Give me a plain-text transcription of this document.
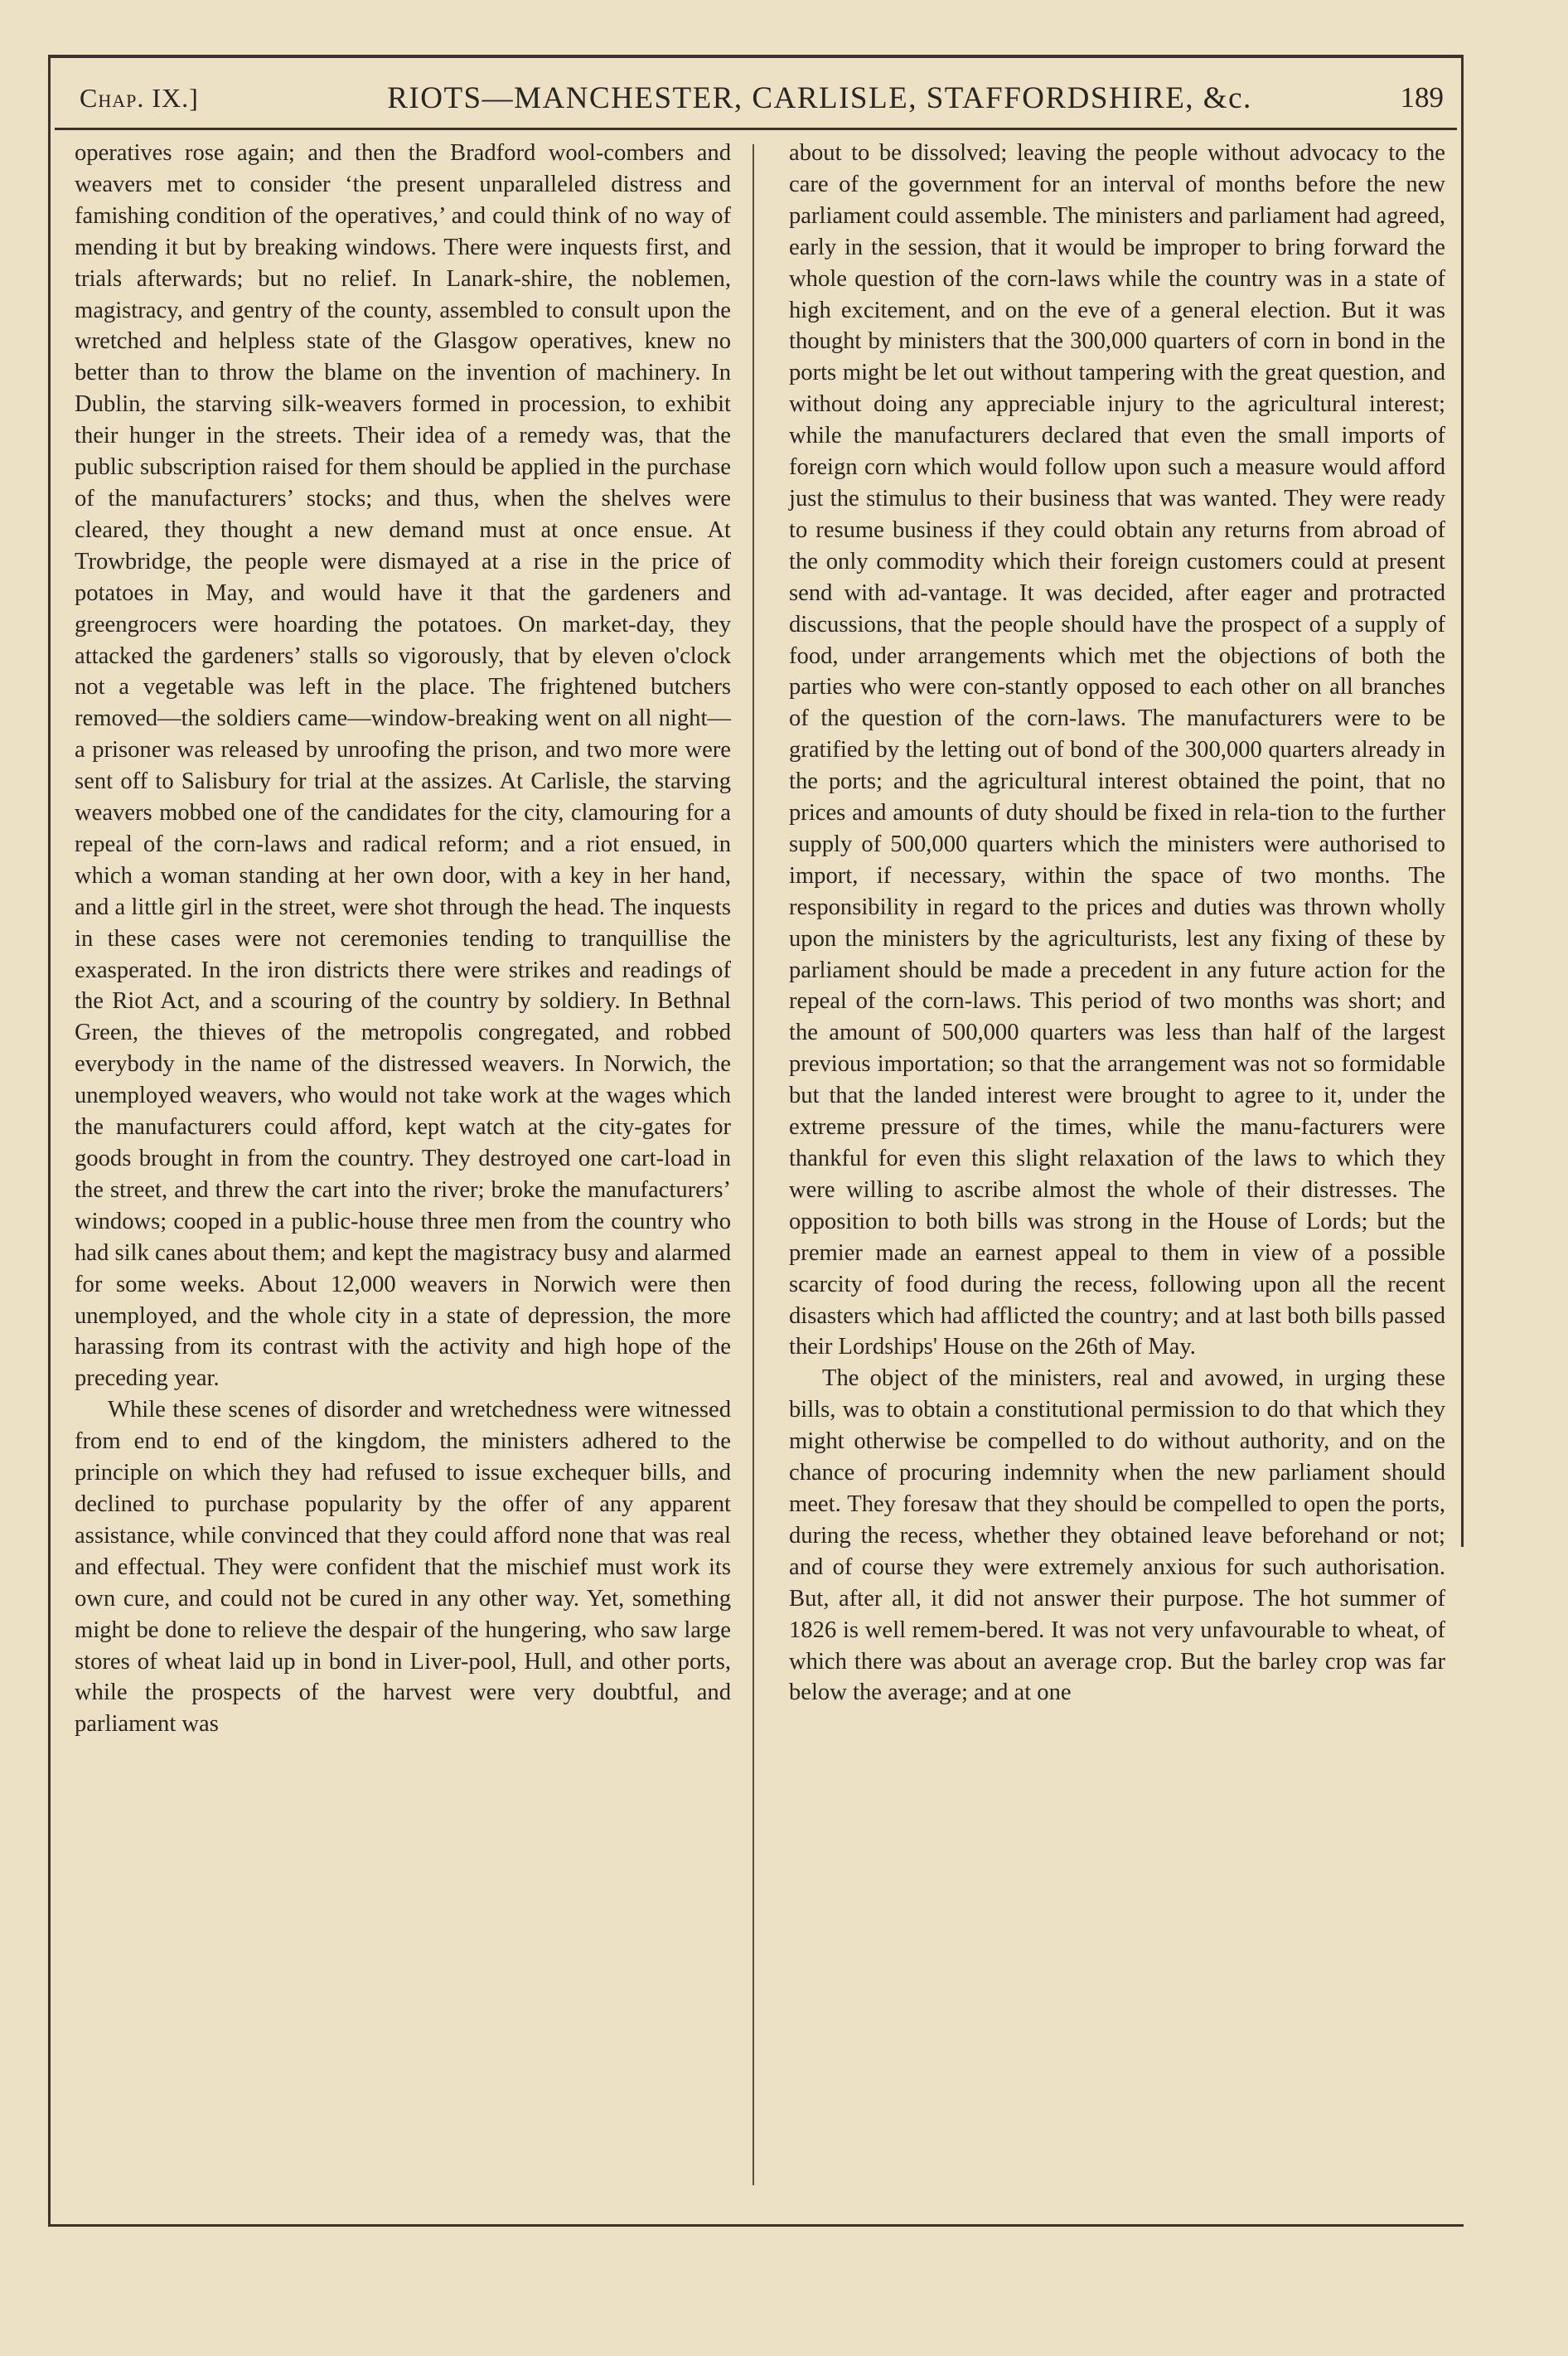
Chap. IX.]	RIOTS—MANCHESTER, CARLISLE, STAFFORDSHIRE, &c.	189

operatives rose again; and then the Bradford wool-combers and weavers met to consider ‘the present unparalleled distress and famishing condition of the operatives,’ and could think of no way of mending it but by breaking windows. There were inquests first, and trials afterwards; but no relief. In Lanark-shire, the noblemen, magistracy, and gentry of the county, assembled to consult upon the wretched and helpless state of the Glasgow operatives, knew no better than to throw the blame on the invention of machinery. In Dublin, the starving silk-weavers formed in procession, to exhibit their hunger in the streets. Their idea of a remedy was, that the public subscription raised for them should be applied in the purchase of the manufacturers’ stocks; and thus, when the shelves were cleared, they thought a new demand must at once ensue. At Trowbridge, the people were dismayed at a rise in the price of potatoes in May, and would have it that the gardeners and greengrocers were hoarding the potatoes. On market-day, they attacked the gardeners’ stalls so vigorously, that by eleven o'clock not a vegetable was left in the place. The frightened butchers removed—the soldiers came—window-breaking went on all night—a prisoner was released by unroofing the prison, and two more were sent off to Salisbury for trial at the assizes. At Carlisle, the starving weavers mobbed one of the candidates for the city, clamouring for a repeal of the corn-laws and radical reform; and a riot ensued, in which a woman standing at her own door, with a key in her hand, and a little girl in the street, were shot through the head. The inquests in these cases were not ceremonies tending to tranquillise the exasperated. In the iron districts there were strikes and readings of the Riot Act, and a scouring of the country by soldiery. In Bethnal Green, the thieves of the metropolis congregated, and robbed everybody in the name of the distressed weavers. In Norwich, the unemployed weavers, who would not take work at the wages which the manufacturers could afford, kept watch at the city-gates for goods brought in from the country. They destroyed one cart-load in the street, and threw the cart into the river; broke the manufacturers’ windows; cooped in a public-house three men from the country who had silk canes about them; and kept the magistracy busy and alarmed for some weeks. About 12,000 weavers in Norwich were then unemployed, and the whole city in a state of depression, the more harassing from its contrast with the activity and high hope of the preceding year.

While these scenes of disorder and wretchedness were witnessed from end to end of the kingdom, the ministers adhered to the principle on which they had refused to issue exchequer bills, and declined to purchase popularity by the offer of any apparent assistance, while convinced that they could afford none that was real and effectual. They were confident that the mischief must work its own cure, and could not be cured in any other way. Yet, something might be done to relieve the despair of the hungering, who saw large stores of wheat laid up in bond in Liver-pool, Hull, and other ports, while the prospects of the harvest were very doubtful, and parliament was

about to be dissolved; leaving the people without advocacy to the care of the government for an interval of months before the new parliament could assemble. The ministers and parliament had agreed, early in the session, that it would be improper to bring forward the whole question of the corn-laws while the country was in a state of high excitement, and on the eve of a general election. But it was thought by ministers that the 300,000 quarters of corn in bond in the ports might be let out without tampering with the great question, and without doing any appreciable injury to the agricultural interest; while the manufacturers declared that even the small imports of foreign corn which would follow upon such a measure would afford just the stimulus to their business that was wanted. They were ready to resume business if they could obtain any returns from abroad of the only commodity which their foreign customers could at present send with ad-vantage. It was decided, after eager and protracted discussions, that the people should have the prospect of a supply of food, under arrangements which met the objections of both the parties who were con-stantly opposed to each other on all branches of the question of the corn-laws. The manufacturers were to be gratified by the letting out of bond of the 300,000 quarters already in the ports; and the agricultural interest obtained the point, that no prices and amounts of duty should be fixed in rela-tion to the further supply of 500,000 quarters which the ministers were authorised to import, if necessary, within the space of two months. The responsibility in regard to the prices and duties was thrown wholly upon the ministers by the agriculturists, lest any fixing of these by parliament should be made a precedent in any future action for the repeal of the corn-laws. This period of two months was short; and the amount of 500,000 quarters was less than half of the largest previous importation; so that the arrangement was not so formidable but that the landed interest were brought to agree to it, under the extreme pressure of the times, while the manu-facturers were thankful for even this slight relaxation of the laws to which they were willing to ascribe almost the whole of their distresses. The opposition to both bills was strong in the House of Lords; but the premier made an earnest appeal to them in view of a possible scarcity of food during the recess, following upon all the recent disasters which had afflicted the country; and at last both bills passed their Lordships' House on the 26th of May.

The object of the ministers, real and avowed, in urging these bills, was to obtain a constitutional permission to do that which they might otherwise be compelled to do without authority, and on the chance of procuring indemnity when the new parliament should meet. They foresaw that they should be compelled to open the ports, during the recess, whether they obtained leave beforehand or not; and of course they were extremely anxious for such authorisation. But, after all, it did not answer their purpose. The hot summer of 1826 is well remem-bered. It was not very unfavourable to wheat, of which there was about an average crop. But the barley crop was far below the average; and at one
